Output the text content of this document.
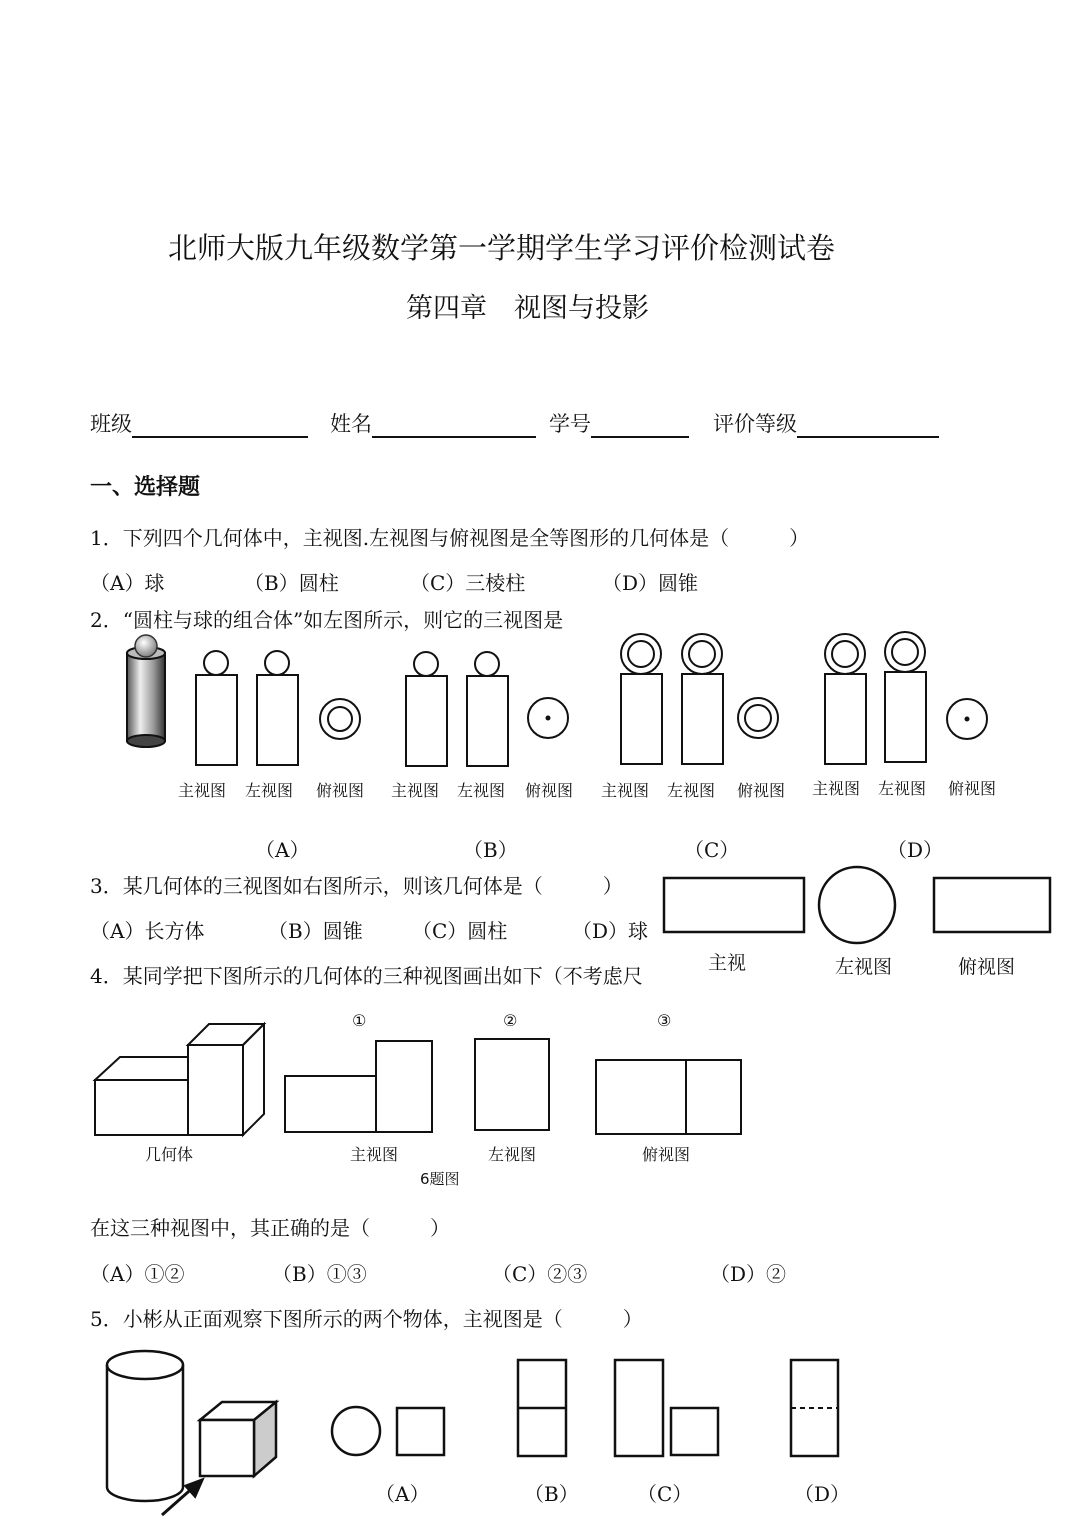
北师大版九年级数学第一学期学生学习评价检测试卷
第四章　视图与投影
班级	姓名	学号	评价等级
一、选择题
1．下列四个几何体中，主视图.左视图与俯视图是全等图形的几何体是（　　　）
（A）球	（B）圆柱	（C）三棱柱	（D）圆锥
2．“圆柱与球的组合体”如左图所示，则它的三视图是
主视图 左视图 俯视图 主视图 左视图 俯视图 主视图 左视图 俯视图 主视图 左视图 俯视图
（A）	（B）	（C）	（D）
3．某几何体的三视图如右图所示，则该几何体是（　　　）
（A）长方体	（B）圆锥 （C）圆柱	（D）球
主视	左视图	俯视图
4．某同学把下图所示的几何体的三种视图画出如下（不考虑尺
①	②	③
几何体	主视图	左视图	俯视图
6题图
在这三种视图中，其正确的是（　　　）
（A）①②	（B）①③	（C）②③	（D）②
5．小彬从正面观察下图所示的两个物体，主视图是（　　　）
（A）	（B）	（C）	（D）
